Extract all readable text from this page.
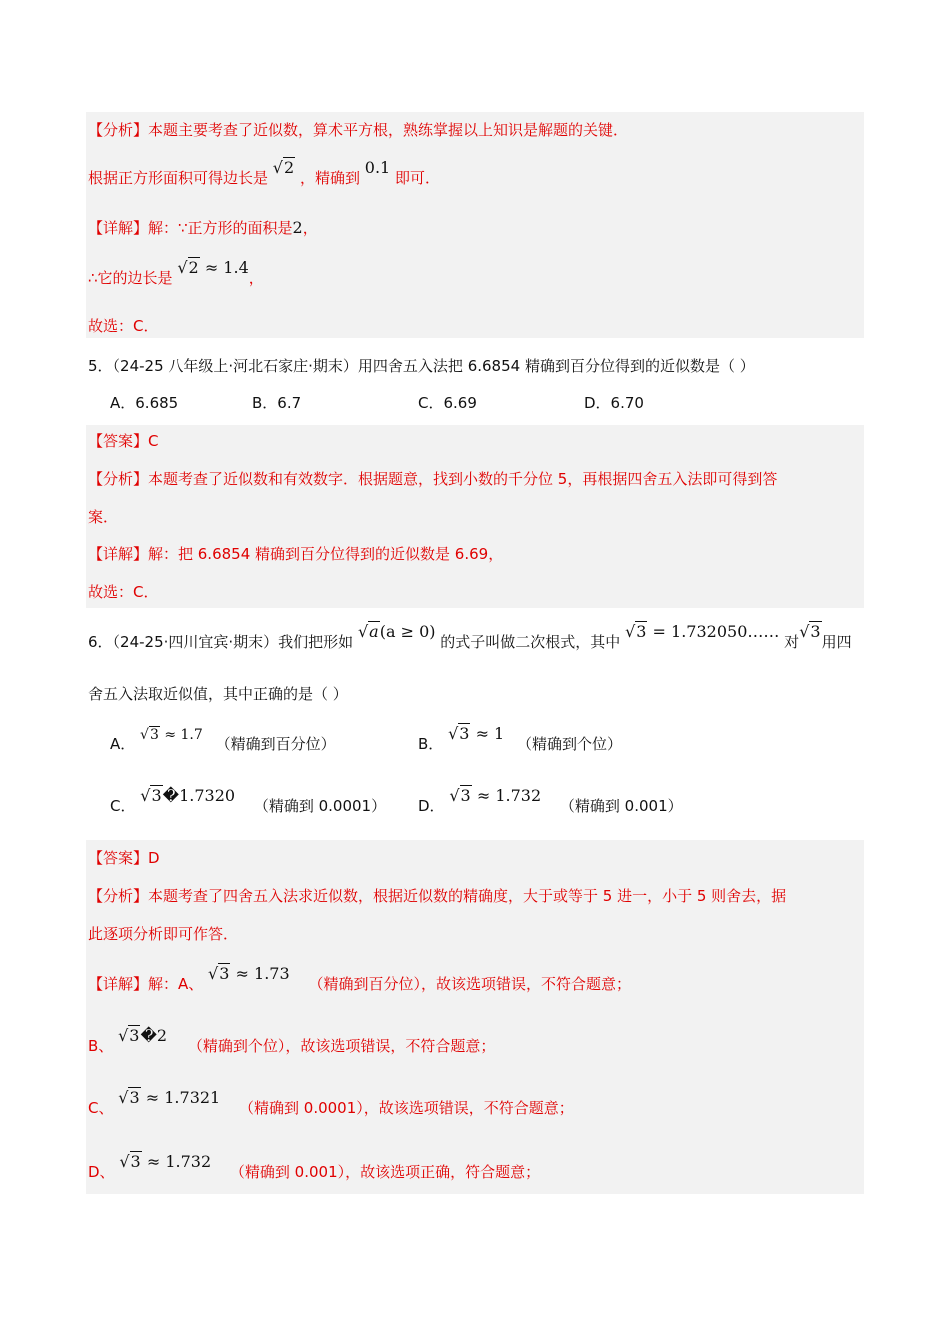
【分析】本题主要考查了近似数，算术平方根，熟练掌握以上知识是解题的关键．
根据正方形面积可得边长是 √2 ，精确到 0.1 即可．
【详解】解：∵正方形的面积是2，
∴它的边长是 √2 ≈ 1.4，
故选：C．
5．（24-25 八年级上·河北石家庄·期末）用四舍五入法把 6.6854 精确到百分位得到的近似数是（ ）
A．6.685	B．6.7	C．6.69	D．6.70
【答案】C
【分析】本题考查了近似数和有效数字．根据题意，找到小数的千分位 5，再根据四舍五入法即可得到答
案．
【详解】解：把 6.6854 精确到百分位得到的近似数是 6.69，
故选：C．
6．（24-25·四川宜宾·期末）我们把形如 √a(a ≥ 0) 的式子叫做二次根式，其中 √3 = 1.732050…… 对√3用四
舍五入法取近似值，其中正确的是（ ）
A． √3 ≈ 1.7 （精确到百分位）	B． √3 ≈ 1 （精确到个位）
C． √3�1.7320 （精确到 0.0001） D． √3 ≈ 1.732 （精确到 0.001）
【答案】D
【分析】本题考查了四舍五入法求近似数，根据近似数的精确度，大于或等于 5 进一，小于 5 则舍去，据
此逐项分析即可作答．
【详解】解：A、 √3 ≈ 1.73 （精确到百分位），故该选项错误，不符合题意；
B、 √3�2 （精确到个位），故该选项错误，不符合题意；
C、 √3 ≈ 1.7321 （精确到 0.0001），故该选项错误，不符合题意；
D、 √3 ≈ 1.732 （精确到 0.001），故该选项正确，符合题意；
